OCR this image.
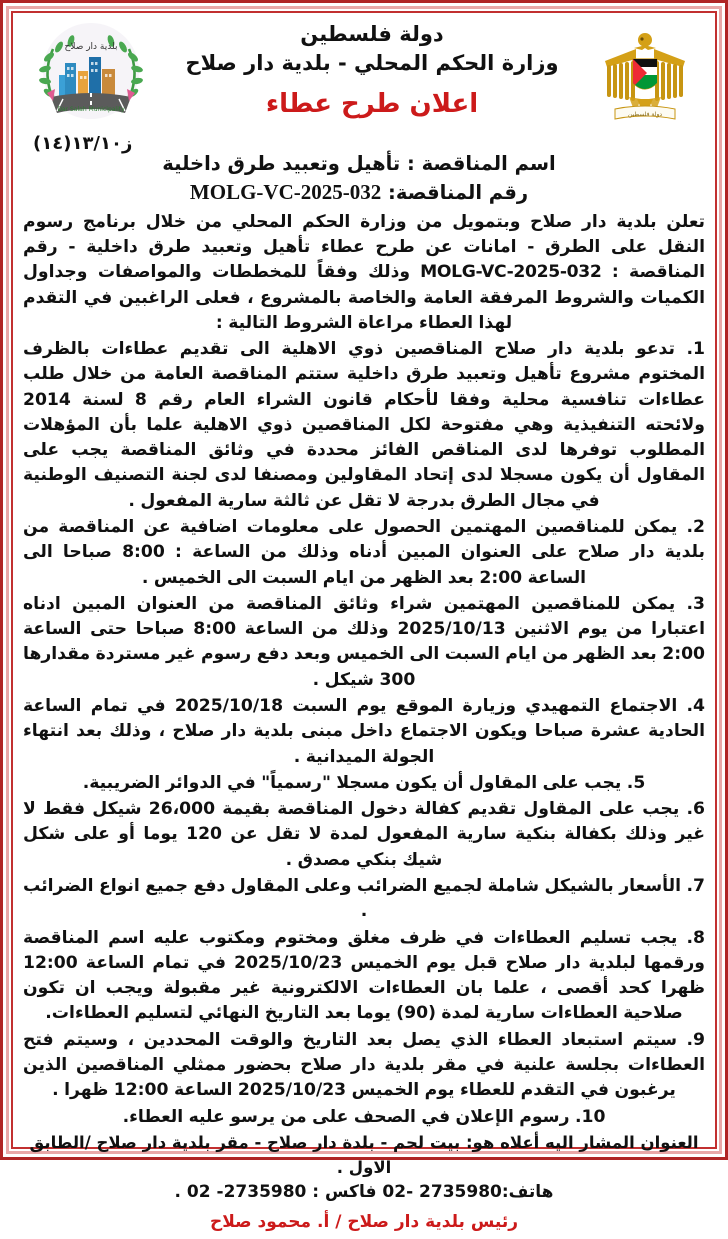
بلدية دار صلاح
Dar Salah Municipality
دولة فلسطين
دولة فلسطين
وزارة الحكم المحلي - بلدية دار صلاح
اعلان طرح عطاء
ز١٣/١٠(١٤)
اسم المناقصة : تأهيل وتعبيد طرق داخلية
رقم المناقصة: MOLG-VC-2025-032

تعلن بلدية دار صلاح وبتمويل من وزارة الحكم المحلي من خلال برنامج رسوم النقل على الطرق - امانات عن طرح عطاء تأهيل وتعبيد طرق داخلية - رقم المناقصة : MOLG-VC-2025-032 وذلك وفقاً للمخططات والمواصفات وجداول الكميات والشروط المرفقة العامة والخاصة بالمشروع ، فعلى الراغبين في التقدم لهذا العطاء مراعاة الشروط التالية :

1. تدعو بلدية دار صلاح المناقصين ذوي الاهلية الى تقديم عطاءات بالظرف المختوم مشروع تأهيل وتعبيد طرق داخلية ستتم المناقصة العامة من خلال طلب عطاءات تنافسية محلية وفقا لأحكام قانون الشراء العام رقم 8 لسنة 2014 ولائحته التنفيذية وهي مفتوحة لكل المناقصين ذوي الاهلية علما بأن المؤهلات المطلوب توفرها لدى المناقص الفائز محددة في وثائق المناقصة يجب على المقاول أن يكون مسجلا لدى إتحاد المقاولين ومصنفا لدى لجنة التصنيف الوطنية في مجال الطرق بدرجة لا تقل عن ثالثة سارية المفعول .

2. يمكن للمناقصين المهتمين الحصول على معلومات اضافية عن المناقصة من بلدية دار صلاح على العنوان المبين أدناه وذلك من الساعة : 8:00 صباحا الى الساعة 2:00 بعد الظهر من ايام السبت الى الخميس .

3. يمكن للمناقصين المهتمين شراء وثائق المناقصة من العنوان المبين ادناه اعتبارا من يوم الاثنين 2025/10/13 وذلك من الساعة 8:00 صباحا حتى الساعة 2:00 بعد الظهر من ايام السبت الى الخميس وبعد دفع رسوم غير مستردة مقدارها 300 شيكل .

4. الاجتماع التمهيدي وزيارة الموقع يوم السبت 2025/10/18 في تمام الساعة الحادية عشرة صباحا ويكون الاجتماع داخل مبنى بلدية دار صلاح ، وذلك بعد انتهاء الجولة الميدانية .

5. يجب على المقاول أن يكون مسجلا "رسمياً" في الدوائر الضريبية.

6. يجب على المقاول تقديم كفالة دخول المناقصة بقيمة 26،000 شيكل فقط لا غير وذلك بكفالة بنكية سارية المفعول لمدة لا تقل عن 120 يوما أو على شكل شيك بنكي مصدق .

7. الأسعار بالشيكل شاملة لجميع الضرائب وعلى المقاول دفع جميع انواع الضرائب .

8. يجب تسليم العطاءات في ظرف مغلق ومختوم ومكتوب عليه اسم المناقصة ورقمها لبلدية دار صلاح قبل يوم الخميس 2025/10/23 في تمام الساعة 12:00 ظهرا كحد أقصى ، علما بان العطاءات الالكترونية غير مقبولة ويجب ان تكون صلاحية العطاءات سارية لمدة (90) يوما بعد التاريخ النهائي لتسليم العطاءات.

9. سيتم استبعاد العطاء الذي يصل بعد التاريخ والوقت المحددين ، وسيتم فتح العطاءات بجلسة علنية في مقر بلدية دار صلاح بحضور ممثلي المناقصين الذين يرغبون في التقدم للعطاء يوم الخميس 2025/10/23 الساعة 12:00 ظهرا .

10. رسوم الإعلان في الصحف على من يرسو عليه العطاء.

العنوان المشار اليه أعلاه هو: بيت لحم - بلدة دار صلاح - مقر بلدية دار صلاح /الطابق الاول .
هاتف:2735980 -02 فاكس : 2735980- 02 .
رئيس بلدية دار صلاح / أ. محمود صلاح
